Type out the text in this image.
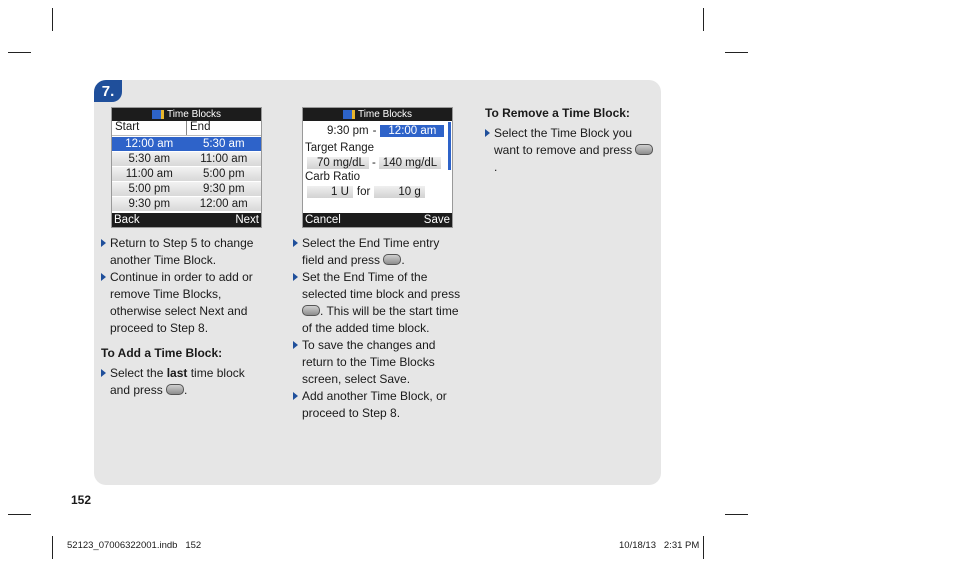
7.
Time Blocks
Start	End
12:00 am	5:30 am
5:30 am	11:00 am
11:00 am	5:00 pm
5:00 pm	9:30 pm
9:30 pm	12:00 am
Back	Next
Time Blocks
9:30 pm -	12:00 am
Target Range
70 mg/dL - 140 mg/dL
Carb Ratio
1 U for	10 g
Cancel	Save
Return to Step 5 to change another Time Block.
Continue in order to add or remove Time Blocks, otherwise select Next and proceed to Step 8.
To Add a Time Block:
Select the last time block and press .
Select the End Time entry field and press .
Set the End Time of the selected time block and press . This will be the start time of the added time block.
To save the changes and return to the Time Blocks screen, select Save.
Add another Time Block, or proceed to Step 8.
To Remove a Time Block:
Select the Time Block you want to remove and press .
152
52123_07006322001.indb   152	10/18/13   2:31 PM
